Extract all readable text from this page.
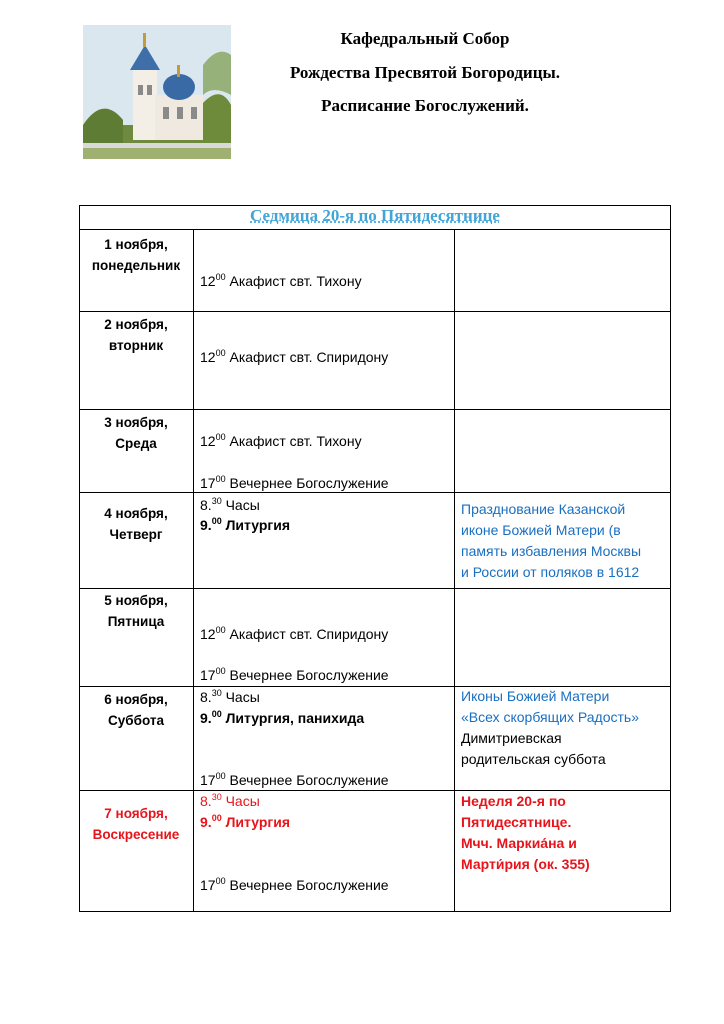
Кафедральный Собор
Рождества Пресвятой Богородицы.
Расписание Богослужений.
Седмица 20-я по Пятидесятнице
1 ноября,
понедельник
$12^{00}$ Акафист свт. Тихону
2 ноября,
вторник
$12^{00}$ Акафист свт. Спиридону
3 ноября,
Среда	$12^{00}$ Акафист свт. Тихону
$17^{00}$ Вечернее Богослужение
4 ноября,
Четверг
8.30 Часы
9.00 Литургия
Празднование Казанской
иконе Божией Матери (в
память избавления Москвы
и России от поляков в 1612
5 ноября,
Пятница
$12^{00}$ Акафист свт. Спиридону
$17^{00}$ Вечернее Богослужение
6 ноября,
Суббота
8.30 Часы
9.00 Литургия, панихида
$17^{00}$ Вечернее Богослужение
Иконы Божией Матери
«Всех скорбящих Радость»
Димитриевская
родительская суббота
7 ноября,
Воскресение
8.30 Часы
9.00 Литургия
$17^{00}$ Вечернее Богослужение
Неделя 20-я по
Пятидесятнице.
Мчч. Маркиа́на и
Марти́рия (ок. 355)
